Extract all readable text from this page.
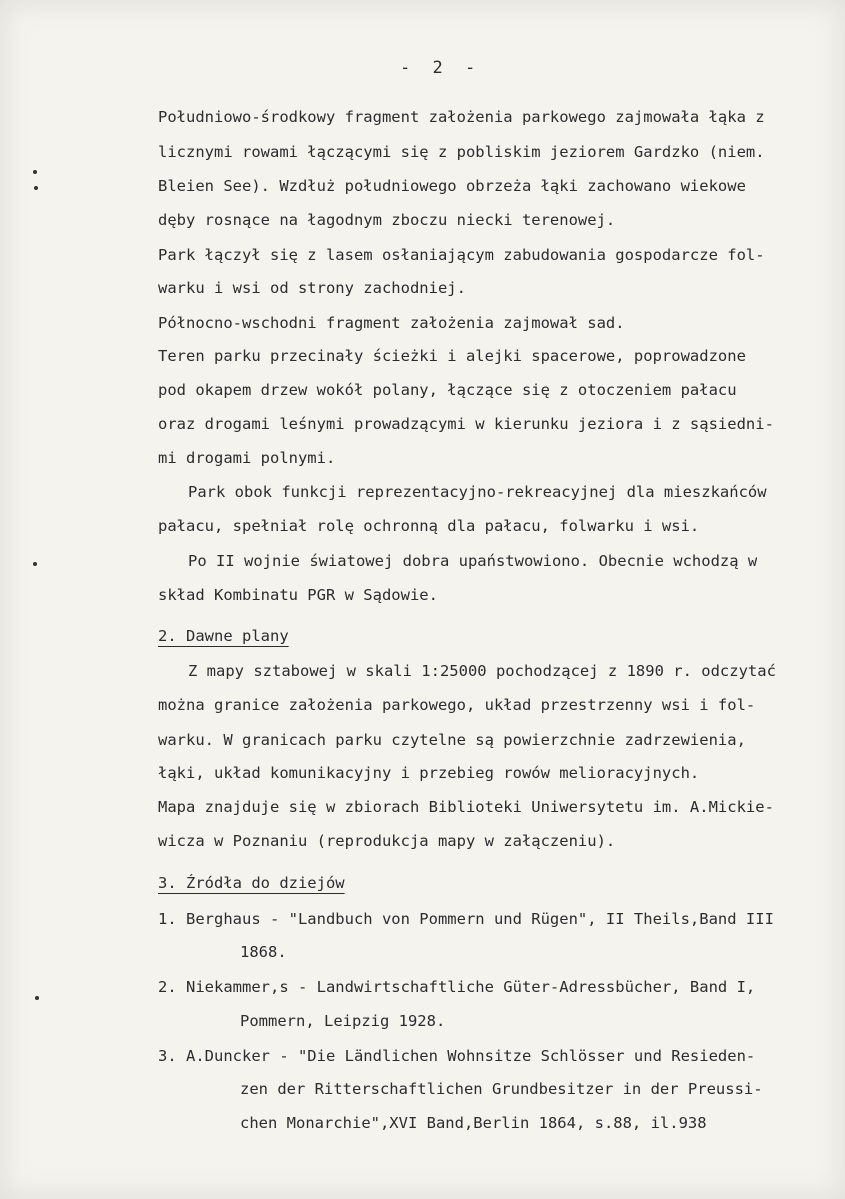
- 2 -
Południowo-środkowy fragment założenia parkowego zajmowała łąka z
licznymi rowami łączącymi się z pobliskim jeziorem Gardzko (niem.
Bleien See). Wzdłuż południowego obrzeża łąki zachowano wiekowe
dęby rosnące na łagodnym zboczu niecki terenowej.
Park łączył się z lasem osłaniającym zabudowania gospodarcze fol-
warku i wsi od strony zachodniej.
Północno-wschodni fragment założenia zajmował sad.
Teren parku przecinały ścieżki i alejki spacerowe, poprowadzone
pod okapem drzew wokół polany, łączące się z otoczeniem pałacu
oraz drogami leśnymi prowadzącymi w kierunku jeziora i z sąsiedni-
mi drogami polnymi.
Park obok funkcji reprezentacyjno-rekreacyjnej dla mieszkańców
pałacu, spełniał rolę ochronną dla pałacu, folwarku i wsi.
Po II wojnie światowej dobra upaństwowiono. Obecnie wchodzą w
skład Kombinatu PGR w Sądowie.
2. Dawne plany
Z mapy sztabowej w skali 1:25000 pochodzącej z 1890 r. odczytać
można granice założenia parkowego, układ przestrzenny wsi i fol-
warku. W granicach parku czytelne są powierzchnie zadrzewienia,
łąki, układ komunikacyjny i przebieg rowów melioracyjnych.
Mapa znajduje się w zbiorach Biblioteki Uniwersytetu im. A.Mickie-
wicza w Poznaniu (reprodukcja mapy w załączeniu).
3. Źródła do dziejów
1. Berghaus - "Landbuch von Pommern und Rügen", II Theils,Band III
1868.
2. Niekammer,s - Landwirtschaftliche Güter-Adressbücher, Band I,
Pommern, Leipzig 1928.
3. A.Duncker - "Die Ländlichen Wohnsitze Schlösser und Resieden-
zen der Ritterschaftlichen Grundbesitzer in der Preussi-
chen Monarchie",XVI Band,Berlin 1864, s.88, il.938
